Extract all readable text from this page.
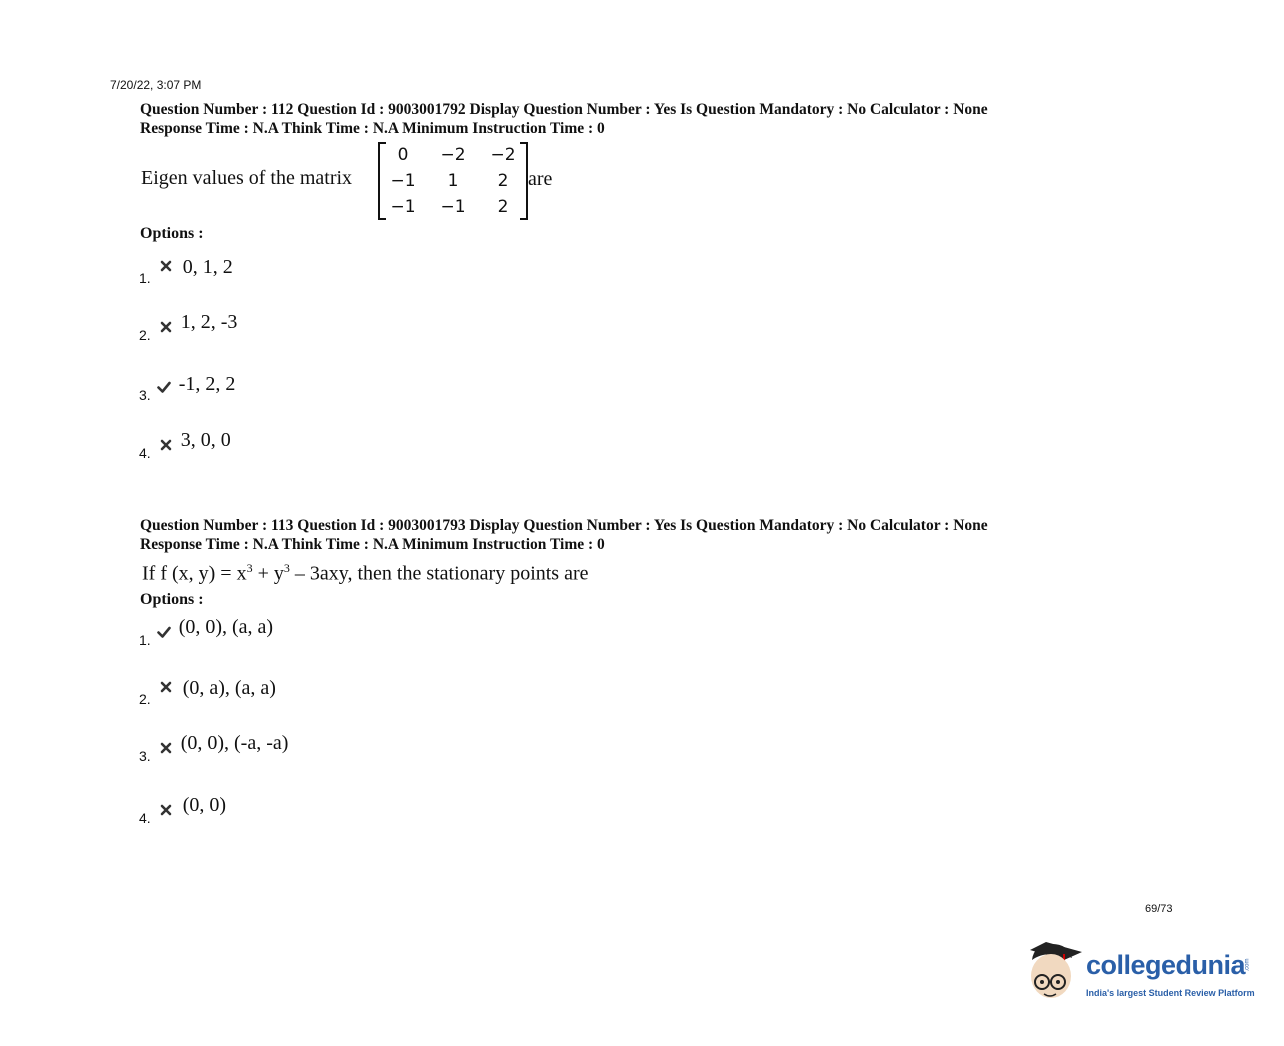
7/20/22, 3:07 PM
Question Number : 112 Question Id : 9003001792 Display Question Number : Yes Is Question Mandatory : No Calculator : None
Response Time : N.A Think Time : N.A Minimum Instruction Time : 0
Eigen values of the matrix
0	−2	−2
−1	1	2
−1	−1	2
are
Options :
1. 0, 1, 2
2.  1, 2, -3
3. -1, 2, 2
4.  3, 0, 0
Question Number : 113 Question Id : 9003001793 Display Question Number : Yes Is Question Mandatory : No Calculator : None
Response Time : N.A Think Time : N.A Minimum Instruction Time : 0
If f (x, $y) = x^3 + y^3 - 3axy$, then the stationary points are
Options :
1.  (0, 0), (a, a)
2. (0, a), (a, a)
3.  (0, 0), (-a, -a)
4.  (0, 0)
69/73
collegedunia .com
India's largest Student Review Platform
